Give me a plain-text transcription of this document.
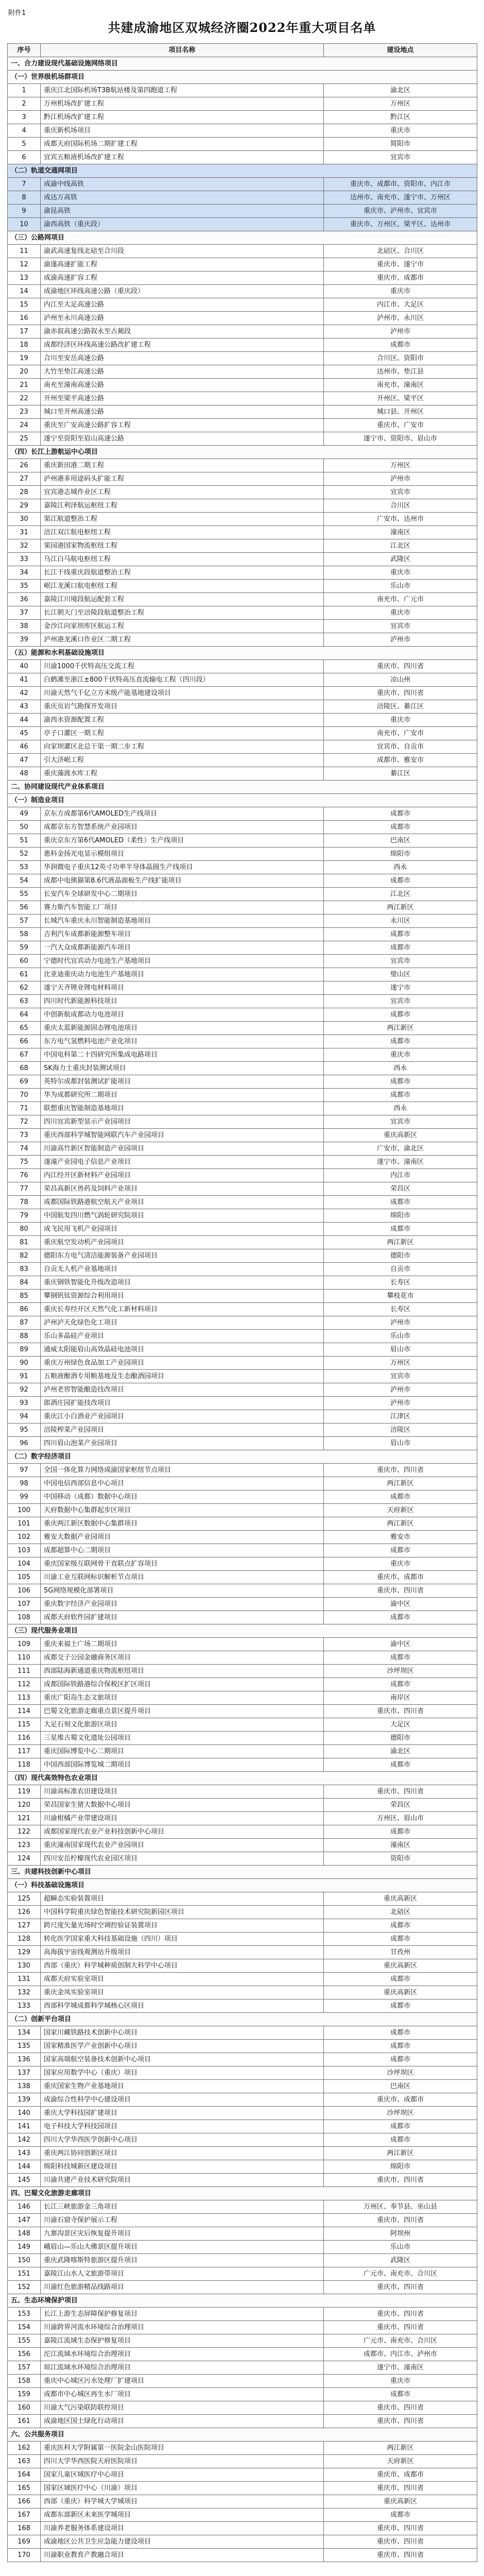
附件1
共建成渝地区双城经济圈2022年重大项目名单
序号	项目名称	建设地点
一、合力建设现代基础设施网络项目		
（一）世界级机场群项目		
1	重庆江北国际机场T3B航站楼及第四跑道工程	渝北区
2	万州机场改扩建工程	万州区
3	黔江机场改扩建工程	黔江区
4	重庆新机场项目	重庆市
5	成都天府国际机场二期扩建工程	简阳市
6	宜宾五粮液机场改扩建工程	宜宾市
（二）轨道交通网项目		
7	成渝中线高铁	重庆市、成都市、资阳市、内江市
8	成达万高铁	达州市、南充市、遂宁市、万州区
9	渝昆高铁	重庆市、泸州市、宜宾市
10	渝西高铁（重庆段）	重庆市、万州区、梁平区、达州市
（三）公路网项目		
11	渝武高速复线北碚至合川段	北碚区、合川区
12	渝遂高速扩能工程	重庆市、遂宁市
13	成渝高速扩容工程	重庆市、成都市
14	成渝地区环线高速公路（重庆段）	重庆市
15	内江至大足高速公路	内江市、大足区
16	泸州至永川高速公路	泸州市、永川区
17	渝赤叙高速公路叙永至古蔺段	泸州市
18	成都经济区环线高速公路改扩建工程	成都市
19	合川至安岳高速公路	合川区、资阳市
20	大竹至垫江高速公路	达州市、垫江县
21	南充至潼南高速公路	南充市、潼南区
22	开州至梁平高速公路	开州区、梁平区
23	城口至开州高速公路	城口县、开州区
24	重庆至广安高速公路扩容工程	重庆市、广安市
25	遂宁至资阳至眉山高速公路	遂宁市、资阳市、眉山市
（四）长江上游航运中心项目		
26	重庆新田港二期工程	万州区
27	泸州港多用途码头扩能工程	泸州市
28	宜宾港志城作业区工程	宜宾市
29	嘉陵江利泽航运枢纽工程	合川区
30	渠江航道整治工程	广安市、达州市
31	涪江双江航电枢纽工程	潼南区
32	果园港国家物流枢纽工程	江北区
33	乌江白马航电枢纽工程	武隆区
34	长江干线重庆段航道整治工程	重庆市
35	岷江龙溪口航电枢纽工程	乐山市
36	嘉陵江川境段航运配套工程	南充市、广元市
37	长江朝天门至涪陵段航道整治工程	重庆市
38	金沙江向家坝库区航运工程	宜宾市
39	泸州港龙溪口作业区二期工程	泸州市
（五）能源和水利基础设施项目		
40	川渝1000千伏特高压交流工程	重庆市、四川省
41	白鹤滩至浙江±800千伏特高压直流输电工程（四川段）	凉山州
42	川渝天然气千亿立方米级产能基地建设项目	重庆市、四川省
43	重庆页岩气勘探开发项目	涪陵区、綦江区
44	渝西水资源配置工程	重庆市
45	亭子口灌区一期工程	南充市、广安市
46	向家坝灌区北总干渠一期二步工程	宜宾市、自贡市
47	引大济岷工程	成都市、雅安市
48	重庆藻渡水库工程	綦江区
二、协同建设现代产业体系项目		
（一）制造业项目		
49	京东方成都第6代AMOLED生产线项目	成都市
50	成都京东方智慧系统产业园项目	成都市
51	重庆京东方第6代AMOLED（柔性）生产线项目	巴南区
52	惠科金扬光电显示模组项目	绵阳市
53	华润微电子重庆12英寸功率半导体晶圆生产线项目	西永
54	成都中电熊猫第8.6代液晶面板生产线扩能项目	成都市
55	长安汽车全球研发中心二期项目	江北区
56	赛力斯汽车智能工厂项目	两江新区
57	长城汽车重庆永川智能制造基地项目	永川区
58	吉利汽车成都新能源整车项目	成都市
59	一汽大众成都新能源汽车项目	成都市
60	宁德时代宜宾动力电池生产基地项目	宜宾市
61	比亚迪重庆动力电池生产基地项目	璧山区
62	遂宁天齐锂业锂电材料项目	遂宁市
63	四川时代新能源科技项目	宜宾市
64	中创新航成都动力电池项目	成都市
65	重庆太蓝新能源固态锂电池项目	两江新区
66	东方电气氢燃料电池产业化项目	成都市
67	中国电科第二十四研究所集成电路项目	重庆市
68	SK海力士重庆封装测试项目	西永
69	英特尔成都封装测试扩能项目	成都市
70	华为成都研究所二期项目	成都市
71	联想重庆智能制造基地项目	西永
72	四川宜宾新型显示产业园项目	宜宾市
73	重庆西部科学城智能网联汽车产业园项目	重庆高新区
74	川渝高竹新区智能制造产业园项目	广安市、渝北区
75	遂潼产业园电子信息产业项目	遂宁市、潼南区
76	内江经开区新材料产业园项目	内江市
77	荣昌高新区兽药及饲料产业项目	荣昌区
78	成都国际铁路港航空航天产业项目	成都市
79	中国航发四川燃气涡轮研究院项目	绵阳市
80	成飞民用飞机产业园项目	成都市
81	重庆航空发动机产业园项目	两江新区
82	德阳东方电气清洁能源装备产业园项目	德阳市
83	自贡无人机产业基地项目	自贡市
84	重庆钢铁智能化升级改造项目	长寿区
85	攀钢钒钛资源综合利用项目	攀枝花市
86	重庆长寿经开区天然气化工新材料项目	长寿区
87	泸州泸天化绿色化工项目	泸州市
88	乐山多晶硅产业项目	乐山市
89	通威太阳能眉山高效晶硅电池项目	眉山市
90	重庆万州绿色食品加工产业园项目	万州区
91	五粮液酿酒专用粮基地及生态酿酒园项目	宜宾市
92	泸州老窖智能酿造技改项目	泸州市
93	郎酒庄园扩能技改项目	泸州市
94	重庆江小白酒业产业园项目	江津区
95	涪陵榨菜产业园项目	涪陵区
96	四川眉山泡菜产业园项目	眉山市
（二）数字经济项目		
97	全国一体化算力网络成渝国家枢纽节点项目	重庆市、四川省
98	中国电信西部信息中心项目	两江新区
99	中国移动（成都）数据中心项目	成都市
100	天府数据中心集群起步区项目	天府新区
101	重庆两江新区数据中心集群项目	两江新区
102	雅安大数据产业园项目	雅安市
103	成都超算中心二期项目	成都市
104	重庆国家级互联网骨干直联点扩容项目	重庆市
105	川渝工业互联网标识解析节点项目	重庆市、成都市
106	5G网络规模化部署项目	重庆市、四川省
107	重庆数字经济产业园项目	渝中区
108	成都天府软件园扩建项目	成都市
（三）现代服务业项目		
109	重庆来福士广场二期项目	渝中区
110	成都交子公园金融商务区项目	成都市
111	西部陆海新通道重庆物流枢纽项目	沙坪坝区
112	成都国际铁路港综合保税区扩区项目	成都市
113	重庆广阳岛生态文旅项目	南岸区
114	巴蜀文化旅游走廊重点景区提升项目	重庆市、四川省
115	大足石刻文化旅游区项目	大足区
116	三星堆古蜀文化遗址公园项目	德阳市
117	重庆国际博览中心二期项目	渝北区
118	中国西部国际博览城二期项目	成都市
（四）现代高效特色农业项目		
119	川渝高标准农田建设项目	重庆市、四川省
120	荣昌国家生猪大数据中心项目	荣昌区
121	川渝柑橘产业带建设项目	万州区、眉山市
122	成都国家现代农业产业科技创新中心项目	成都市
123	重庆潼南国家现代农业产业园项目	潼南区
124	四川安岳柠檬现代农业园区项目	资阳市
三、共建科技创新中心项目		
（一）科技基础设施项目		
125	超瞬态实验装置项目	重庆高新区
126	中国科学院重庆绿色智能技术研究院新园区项目	北碚区
127	跨尺度矢量光场时空调控验证装置项目	成都市
128	转化医学国家重大科技基础设施（四川）项目	成都市
129	高海拔宇宙线观测站升级项目	甘孜州
130	西部（重庆）科学城种质创制大科学中心项目	重庆高新区
131	成都天府实验室项目	成都市
132	重庆金凤实验室项目	重庆高新区
133	西部科学城成都科学城核心区项目	成都市
（二）创新平台项目		
134	国家川藏铁路技术创新中心项目	成都市
135	国家精准医学产业创新中心项目	成都市
136	国家高端航空装备技术创新中心项目	成都市
137	国家应用数学中心（重庆）项目	沙坪坝区
138	重庆国家生物产业基地项目	巴南区
139	成渝综合性科学中心建设项目	重庆市、成都市
140	重庆大学科技园扩建项目	沙坪坝区
141	电子科技大学科技园项目	成都市
142	四川大学华西医学创新中心项目	成都市
143	重庆两江协同创新区项目	两江新区
144	绵阳科技城新区建设项目	绵阳市
145	川渝共建产业技术研究院项目	重庆市、四川省
四、巴蜀文化旅游走廊项目		
146	长江三峡旅游金三角项目	万州区、奉节县、巫山县
147	川渝石窟寺保护展示工程	重庆市、四川省
148	九寨沟景区灾后恢复提升项目	阿坝州
149	峨眉山—乐山大佛景区提升项目	乐山市
150	重庆武隆喀斯特旅游区提升项目	武隆区
151	嘉陵江山水人文旅游带项目	广元市、南充市、合川区
152	川渝红色旅游精品线路项目	重庆市、四川省
五、生态环境保护项目		
153	长江上游生态屏障保护修复项目	重庆市、四川省
154	川渝跨界河流水环境综合治理项目	重庆市、四川省
155	嘉陵江流域生态保护修复项目	广元市、南充市、合川区
156	沱江流域水环境综合治理项目	成都市、内江市、泸州市
157	琼江流域水环境综合治理项目	遂宁市、潼南区
158	重庆中心城区污水处理厂扩建项目	重庆市
159	成都市中心城区再生水厂项目	成都市
160	川渝大气污染联防联控项目	重庆市、四川省
161	成渝地区国土绿化行动项目	重庆市、四川省
六、公共服务项目		
162	重庆医科大学附属第一医院金山医院项目	两江新区
163	四川大学华西医院天府医院项目	天府新区
164	国家儿童区域医疗中心项目	重庆市、成都市
165	国家区域医疗中心（川渝）项目	重庆市、四川省
166	西部（重庆）科学城大学城项目	重庆高新区
167	成都东部新区未来医学城项目	成都市
168	川渝养老服务体系建设项目	重庆市、四川省
169	成渝地区公共卫生应急能力建设项目	重庆市、四川省
170	川渝职业教育产教融合项目	重庆市、四川省
